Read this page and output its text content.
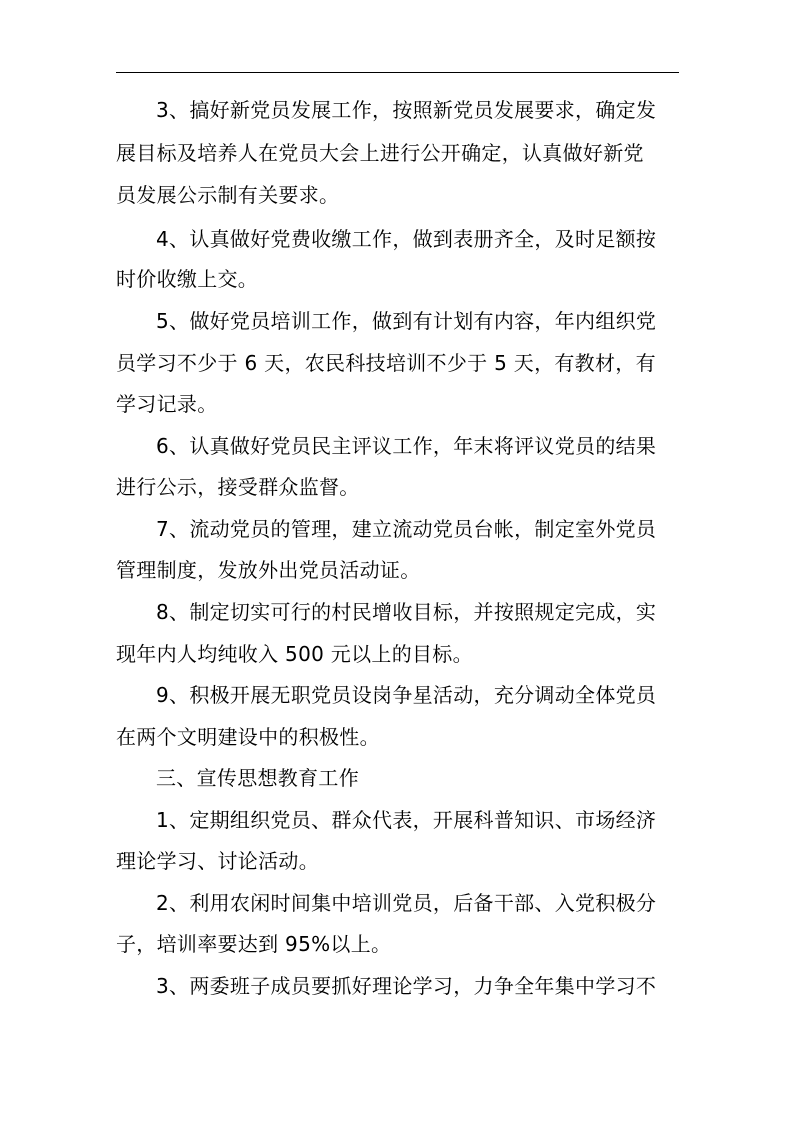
3、搞好新党员发展工作，按照新党员发展要求，确定发
展目标及培养人在党员大会上进行公开确定，认真做好新党
员发展公示制有关要求。
4、认真做好党费收缴工作，做到表册齐全，及时足额按
时价收缴上交。
5、做好党员培训工作，做到有计划有内容，年内组织党
员学习不少于 6 天，农民科技培训不少于 5 天，有教材，有
学习记录。
6、认真做好党员民主评议工作，年末将评议党员的结果
进行公示，接受群众监督。
7、流动党员的管理，建立流动党员台帐，制定室外党员
管理制度，发放外出党员活动证。
8、制定切实可行的村民增收目标，并按照规定完成，实
现年内人均纯收入 500 元以上的目标。
9、积极开展无职党员设岗争星活动，充分调动全体党员
在两个文明建设中的积极性。
三、宣传思想教育工作
1、定期组织党员、群众代表，开展科普知识、市场经济
理论学习、讨论活动。
2、利用农闲时间集中培训党员，后备干部、入党积极分
子，培训率要达到 95%以上。
3、两委班子成员要抓好理论学习，力争全年集中学习不
